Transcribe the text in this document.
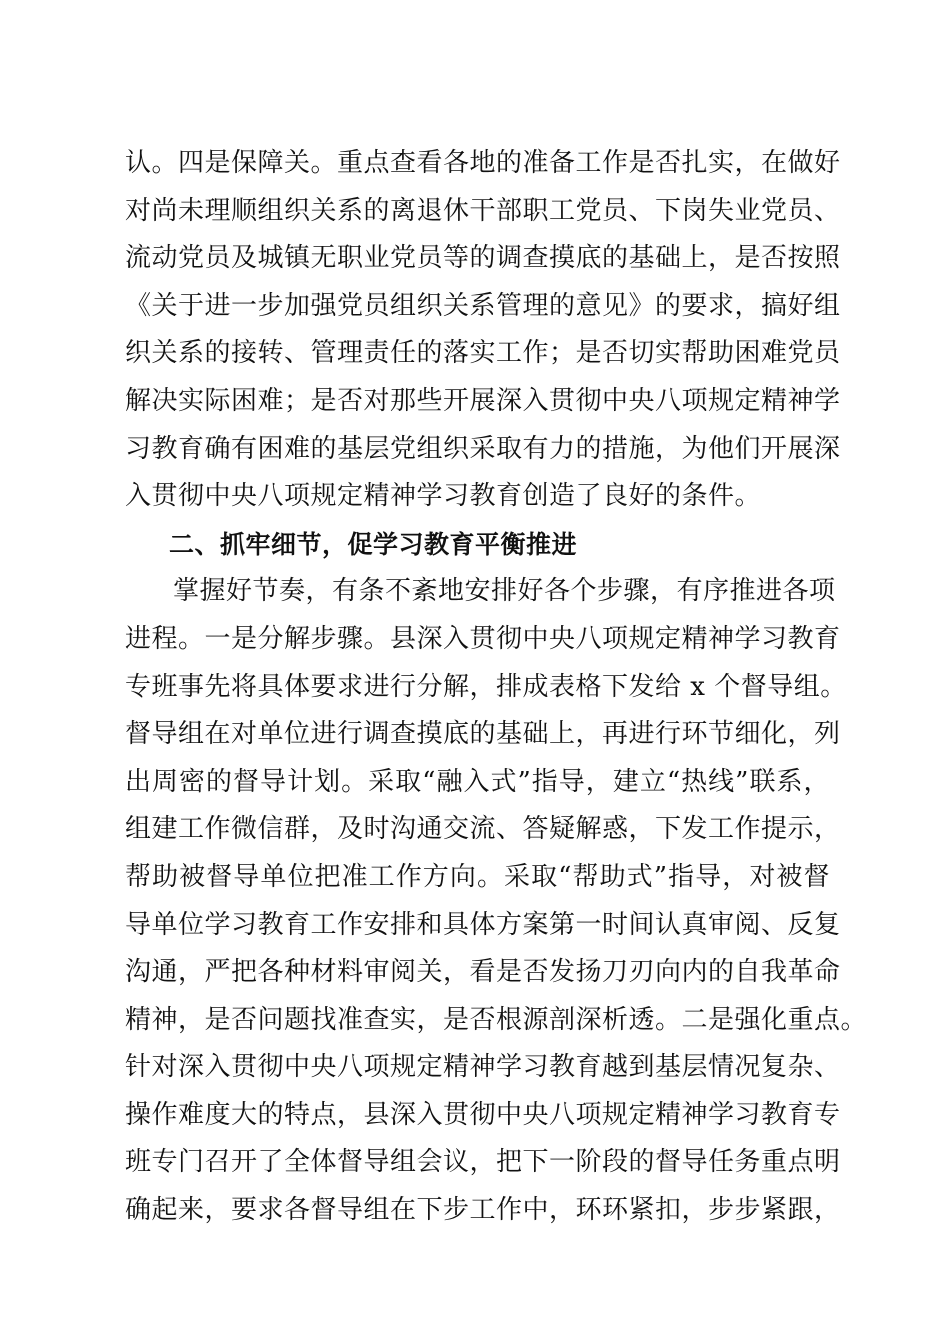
认。四是保障关。重点查看各地的准备工作是否扎实，在做好
对尚未理顺组织关系的离退休干部职工党员、下岗失业党员、
流动党员及城镇无职业党员等的调查摸底的基础上，是否按照
《关于进一步加强党员组织关系管理的意见》的要求，搞好组
织关系的接转、管理责任的落实工作；是否切实帮助困难党员
解决实际困难；是否对那些开展深入贯彻中央八项规定精神学
习教育确有困难的基层党组织采取有力的措施，为他们开展深
入贯彻中央八项规定精神学习教育创造了良好的条件。
二、抓牢细节，促学习教育平衡推进
掌握好节奏，有条不紊地安排好各个步骤，有序推进各项
进程。一是分解步骤。县深入贯彻中央八项规定精神学习教育
专班事先将具体要求进行分解，排成表格下发给 x 个督导组。
督导组在对单位进行调查摸底的基础上，再进行环节细化，列
出周密的督导计划。采取“融入式”指导，建立“热线”联系，
组建工作微信群，及时沟通交流、答疑解惑，下发工作提示，
帮助被督导单位把准工作方向。采取“帮助式”指导，对被督
导单位学习教育工作安排和具体方案第一时间认真审阅、反复
沟通，严把各种材料审阅关，看是否发扬刀刃向内的自我革命
精神，是否问题找准查实，是否根源剖深析透。二是强化重点。
针对深入贯彻中央八项规定精神学习教育越到基层情况复杂、
操作难度大的特点，县深入贯彻中央八项规定精神学习教育专
班专门召开了全体督导组会议，把下一阶段的督导任务重点明
确起来，要求各督导组在下步工作中，环环紧扣，步步紧跟，
